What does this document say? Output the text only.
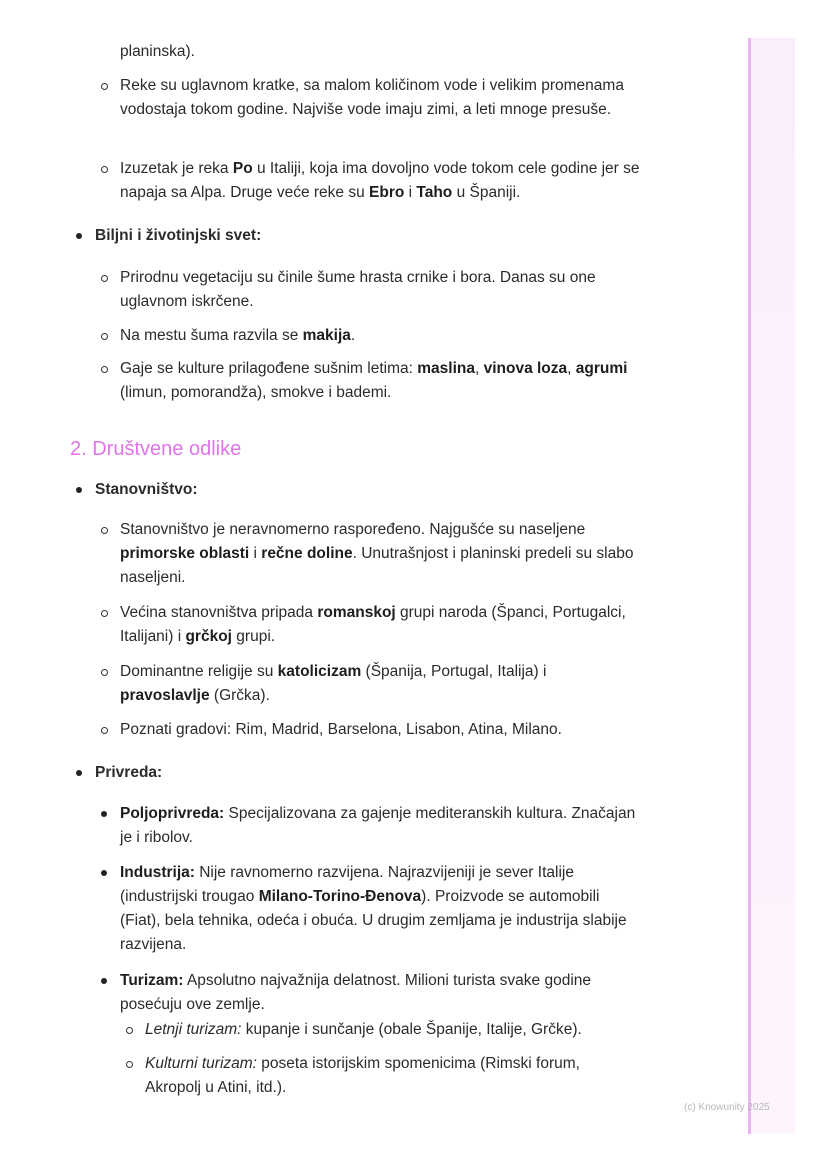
planinska).
Reke su uglavnom kratke, sa malom količinom vode i velikim promenama vodostaja tokom godine. Najviše vode imaju zimi, a leti mnoge presuše.
Izuzetak je reka Po u Italiji, koja ima dovoljno vode tokom cele godine jer se napaja sa Alpa. Druge veće reke su Ebro i Taho u Španiji.
Biljni i životinjski svet:
Prirodnu vegetaciju su činile šume hrasta crnike i bora. Danas su one uglavnom iskrčene.
Na mestu šuma razvila se makija.
Gaje se kulture prilagođene sušnim letima: maslina, vinova loza, agrumi (limun, pomorandža), smokve i bademi.
2. Društvene odlike
Stanovništvo:
Stanovništvo je neravnomerno raspoređeno. Najgušće su naseljene primorske oblasti i rečne doline. Unutrašnjost i planinski predeli su slabo naseljeni.
Većina stanovništva pripada romanskoj grupi naroda (Španci, Portugalci, Italijani) i grčkoj grupi.
Dominantne religije su katolicizam (Španija, Portugal, Italija) i pravoslavlje (Grčka).
Poznati gradovi: Rim, Madrid, Barselona, Lisabon, Atina, Milano.
Privreda:
Poljoprivreda: Specijalizovana za gajenje mediteranskih kultura. Značajan je i ribolov.
Industrija: Nije ravnomerno razvijena. Najrazvijeniji je sever Italije (industrijski trougao Milano-Torino-Đenova). Proizvode se automobili (Fiat), bela tehnika, odeća i obuća. U drugim zemljama je industrija slabije razvijena.
Turizam: Apsolutno najvažnija delatnost. Milioni turista svake godine posećuju ove zemlje.
Letnji turizam: kupanje i sunčanje (obale Španije, Italije, Grčke).
Kulturni turizam: poseta istorijskim spomenicima (Rimski forum, Akropolj u Atini, itd.).
(c) Knowunity 2025
